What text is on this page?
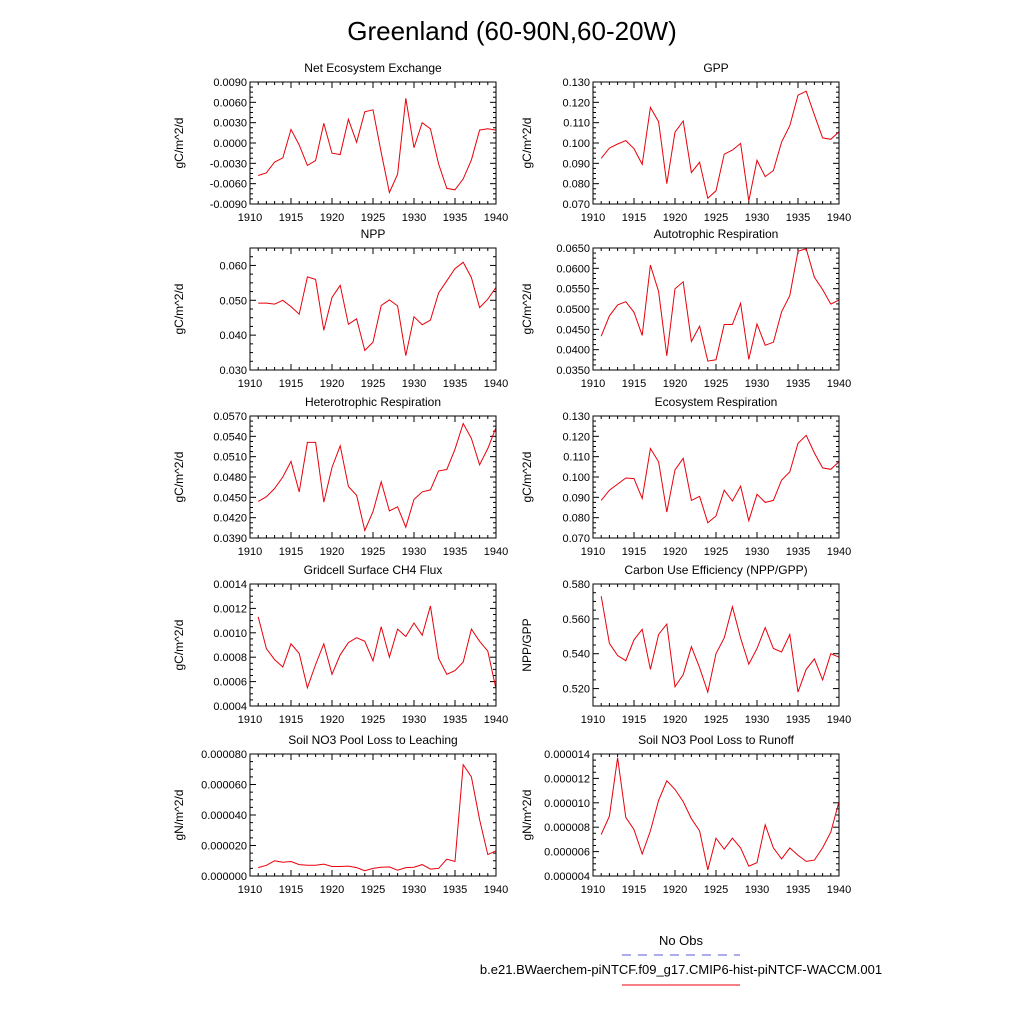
Greenland (60-90N,60-20W)
Net Ecosystem Exchange
1910 1915 1920 1925 1930 1935 1940
-0.0090
-0.0060
-0.0030
0.0000
0.0030
0.0060
0.0090
gC/m^2/d
GPP
1910 1915 1920 1925 1930 1935 1940
0.070
0.080
0.090
0.100
0.110
0.120
0.130
gC/m^2/d
NPP
1910 1915 1920 1925 1930 1935 1940
0.030
0.040
0.050
0.060
gC/m^2/d
Autotrophic Respiration
1910 1915 1920 1925 1930 1935 1940
0.0350
0.0400
0.0450
0.0500
0.0550
0.0600
0.0650
gC/m^2/d
Heterotrophic Respiration
1910 1915 1920 1925 1930 1935 1940
0.0390
0.0420
0.0450
0.0480
0.0510
0.0540
0.0570
gC/m^2/d
Ecosystem Respiration
1910 1915 1920 1925 1930 1935 1940
0.070
0.080
0.090
0.100
0.110
0.120
0.130
gC/m^2/d
Gridcell Surface CH4 Flux
1910 1915 1920 1925 1930 1935 1940
0.0004
0.0006
0.0008
0.0010
0.0012
0.0014
gC/m^2/d
Carbon Use Efficiency (NPP/GPP)
1910 1915 1920 1925 1930 1935 1940
0.520
0.540
0.560
0.580
NPP/GPP
Soil NO3 Pool Loss to Leaching
1910 1915 1920 1925 1930 1935 1940
0.000000
0.000020
0.000040
0.000060
0.000080
gN/m^2/d
Soil NO3 Pool Loss to Runoff
1910 1915 1920 1925 1930 1935 1940
0.000004
0.000006
0.000008
0.000010
0.000012
0.000014
gN/m^2/d
No Obs
b.e21.BWaerchem-piNTCF.f09_g17.CMIP6-hist-piNTCF-WACCM.001
